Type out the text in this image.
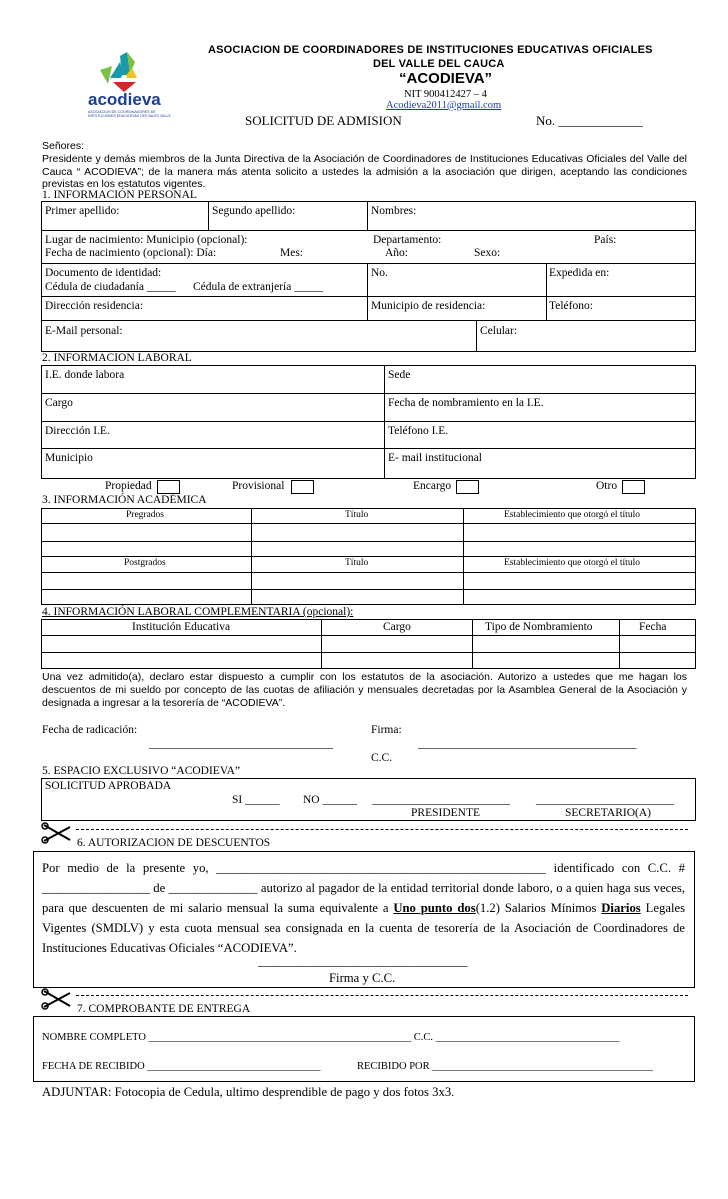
acodieva
ASOCIACION DE COORDINADORES DE
INSTITUCIONES EDUCATIVAS OFICIALES VALLE
ASOCIACION DE COORDINADORES DE INSTITUCIONES EDUCATIVAS OFICIALES
DEL VALLE DEL CAUCA
“ACODIEVA”
NIT 900412427 – 4
Acodieva2011@gmail.com
SOLICITUD DE ADMISION	No. _____________
Señores:
Presidente y demás miembros de la Junta Directiva de la Asociación de Coordinadores de Instituciones Educativas Oficiales del Valle del Cauca “ ACODIEVA”; de la manera más atenta solicito a ustedes la admisión a la asociación que dirigen, aceptando las condiciones previstas en los estatutos vigentes.
1. INFORMACIÓN PERSONAL
Primer apellido:	Segundo apellido:	Nombres:
Lugar de nacimiento: Municipio (opcional):	Departamento:	País:
Fecha de nacimiento (opcional): Día:	Mes:	Año:	Sexo:
Documento de identidad:	No.	Expedida en:
Cédula de ciudadanía _____ Cédula de extranjería _____
Dirección residencia:	Municipio de residencia:	Teléfono:
E-Mail personal:	Celular:
2. INFORMACION LABORAL
I.E. donde labora	Sede
Cargo	Fecha de nombramiento en la I.E.
Dirección I.E.	Teléfono I.E.
Municipio	E- mail institucional
Propiedad	Provisional	Encargo	Otro
3. INFORMACIÓN ACADÉMICA
Pregrados	Título	Establecimiento que otorgó el título
Postgrados	Título	Establecimiento que otorgó el título
4. INFORMACIÓN LABORAL COMPLEMENTARIA (opcional):
Institución Educativa	Cargo	Tipo de Nombramiento	Fecha
Una vez admitido(a), declaro estar dispuesto a cumplir con los estatutos de la asociación. Autorizo a ustedes que me hagan los descuentos de mi sueldo por concepto de las cuotas de afiliación y mensuales decretadas por la Asamblea General de la Asociación y designada a ingresar a la tesorería de “ACODIEVA”.
Fecha de radicación:	Firma:
________________________________	______________________________________
C.C.
5. ESPACIO EXCLUSIVO “ACODIEVA”
SOLICITUD APROBADA
SI ______ NO ______ ________________________ ________________________
PRESIDENTE	SECRETARIO(A)
6. AUTORIZACION DE DESCUENTOS
Por medio de la presente yo, ____________________________________________________ identificado con C.C. # _________________ de ______________ autorizo al pagador de la entidad territorial donde laboro, o a quien haga sus veces, para que descuenten de mi salario mensual la suma equivalente a Uno punto dos(1.2) Salarios Mínimos Diarios Legales Vigentes (SMDLV) y esta cuota mensual sea consignada en la cuenta de tesorería de la Asociación de Coordinadores de Instituciones Educativas Oficiales “ACODIEVA”.
_________________________________
Firma y C.C.
7. COMPROBANTE DE ENTREGA
NOMBRE COMPLETO __________________________________________________ C.C. ___________________________________
FECHA DE RECIBIDO _________________________________	RECIBIDO POR __________________________________________
ADJUNTAR: Fotocopia de Cedula, ultimo desprendible de pago y dos fotos 3x3.
